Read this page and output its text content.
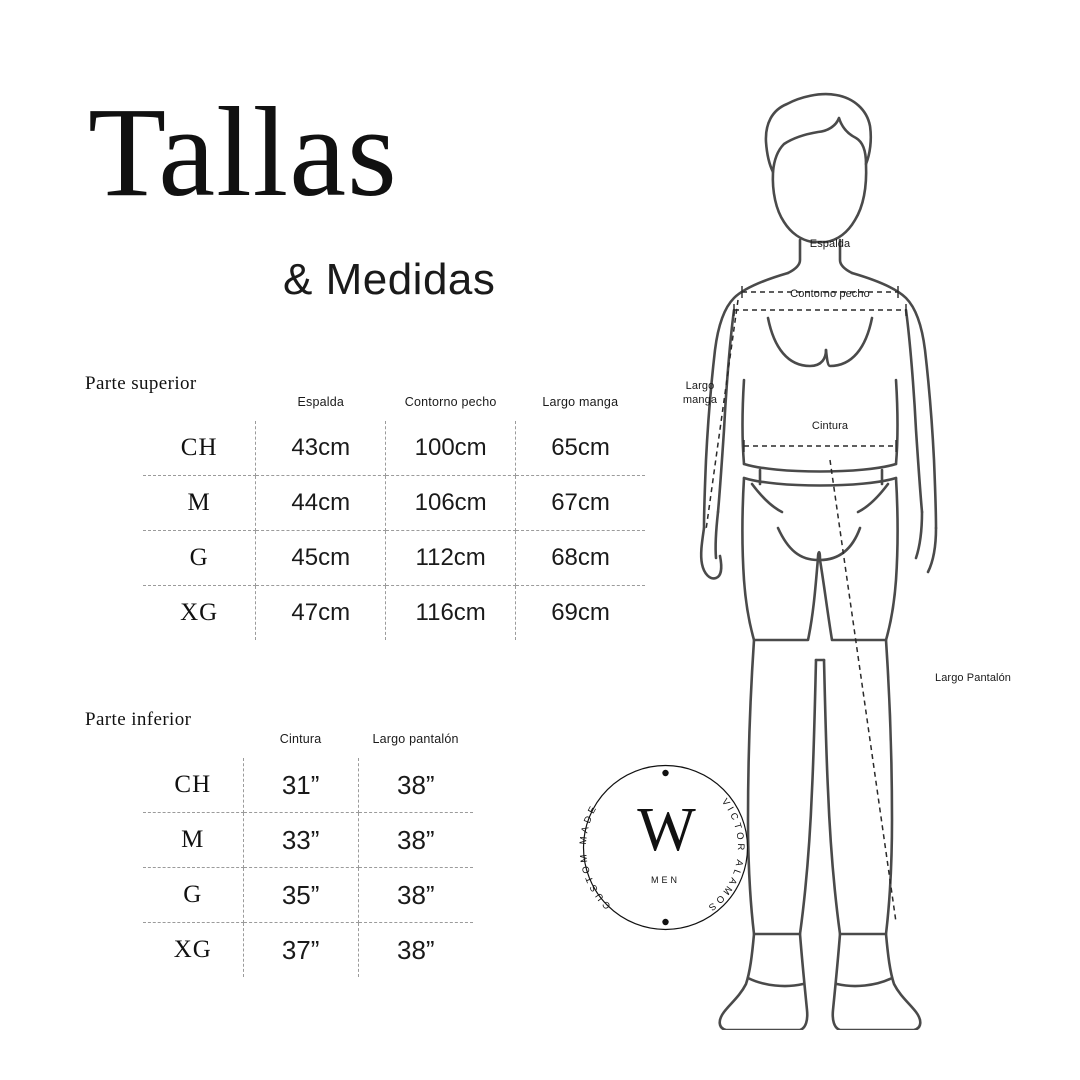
Tallas
& Medidas
Parte superior
	Espalda	Contorno pecho	Largo manga
CH	43cm	100cm	65cm
M	44cm	106cm	67cm
G	45cm	112cm	68cm
XG	47cm	116cm	69cm
Parte inferior
	Cintura	Largo pantalón
CH	31”	38”
M	33”	38”
G	35”	38”
XG	37”	38”
Espalda
Contorno pecho
Largo
manga
Cintura
Largo Pantalón
VICTOR ALAMOS
CUSTOM MADE W
MEN
